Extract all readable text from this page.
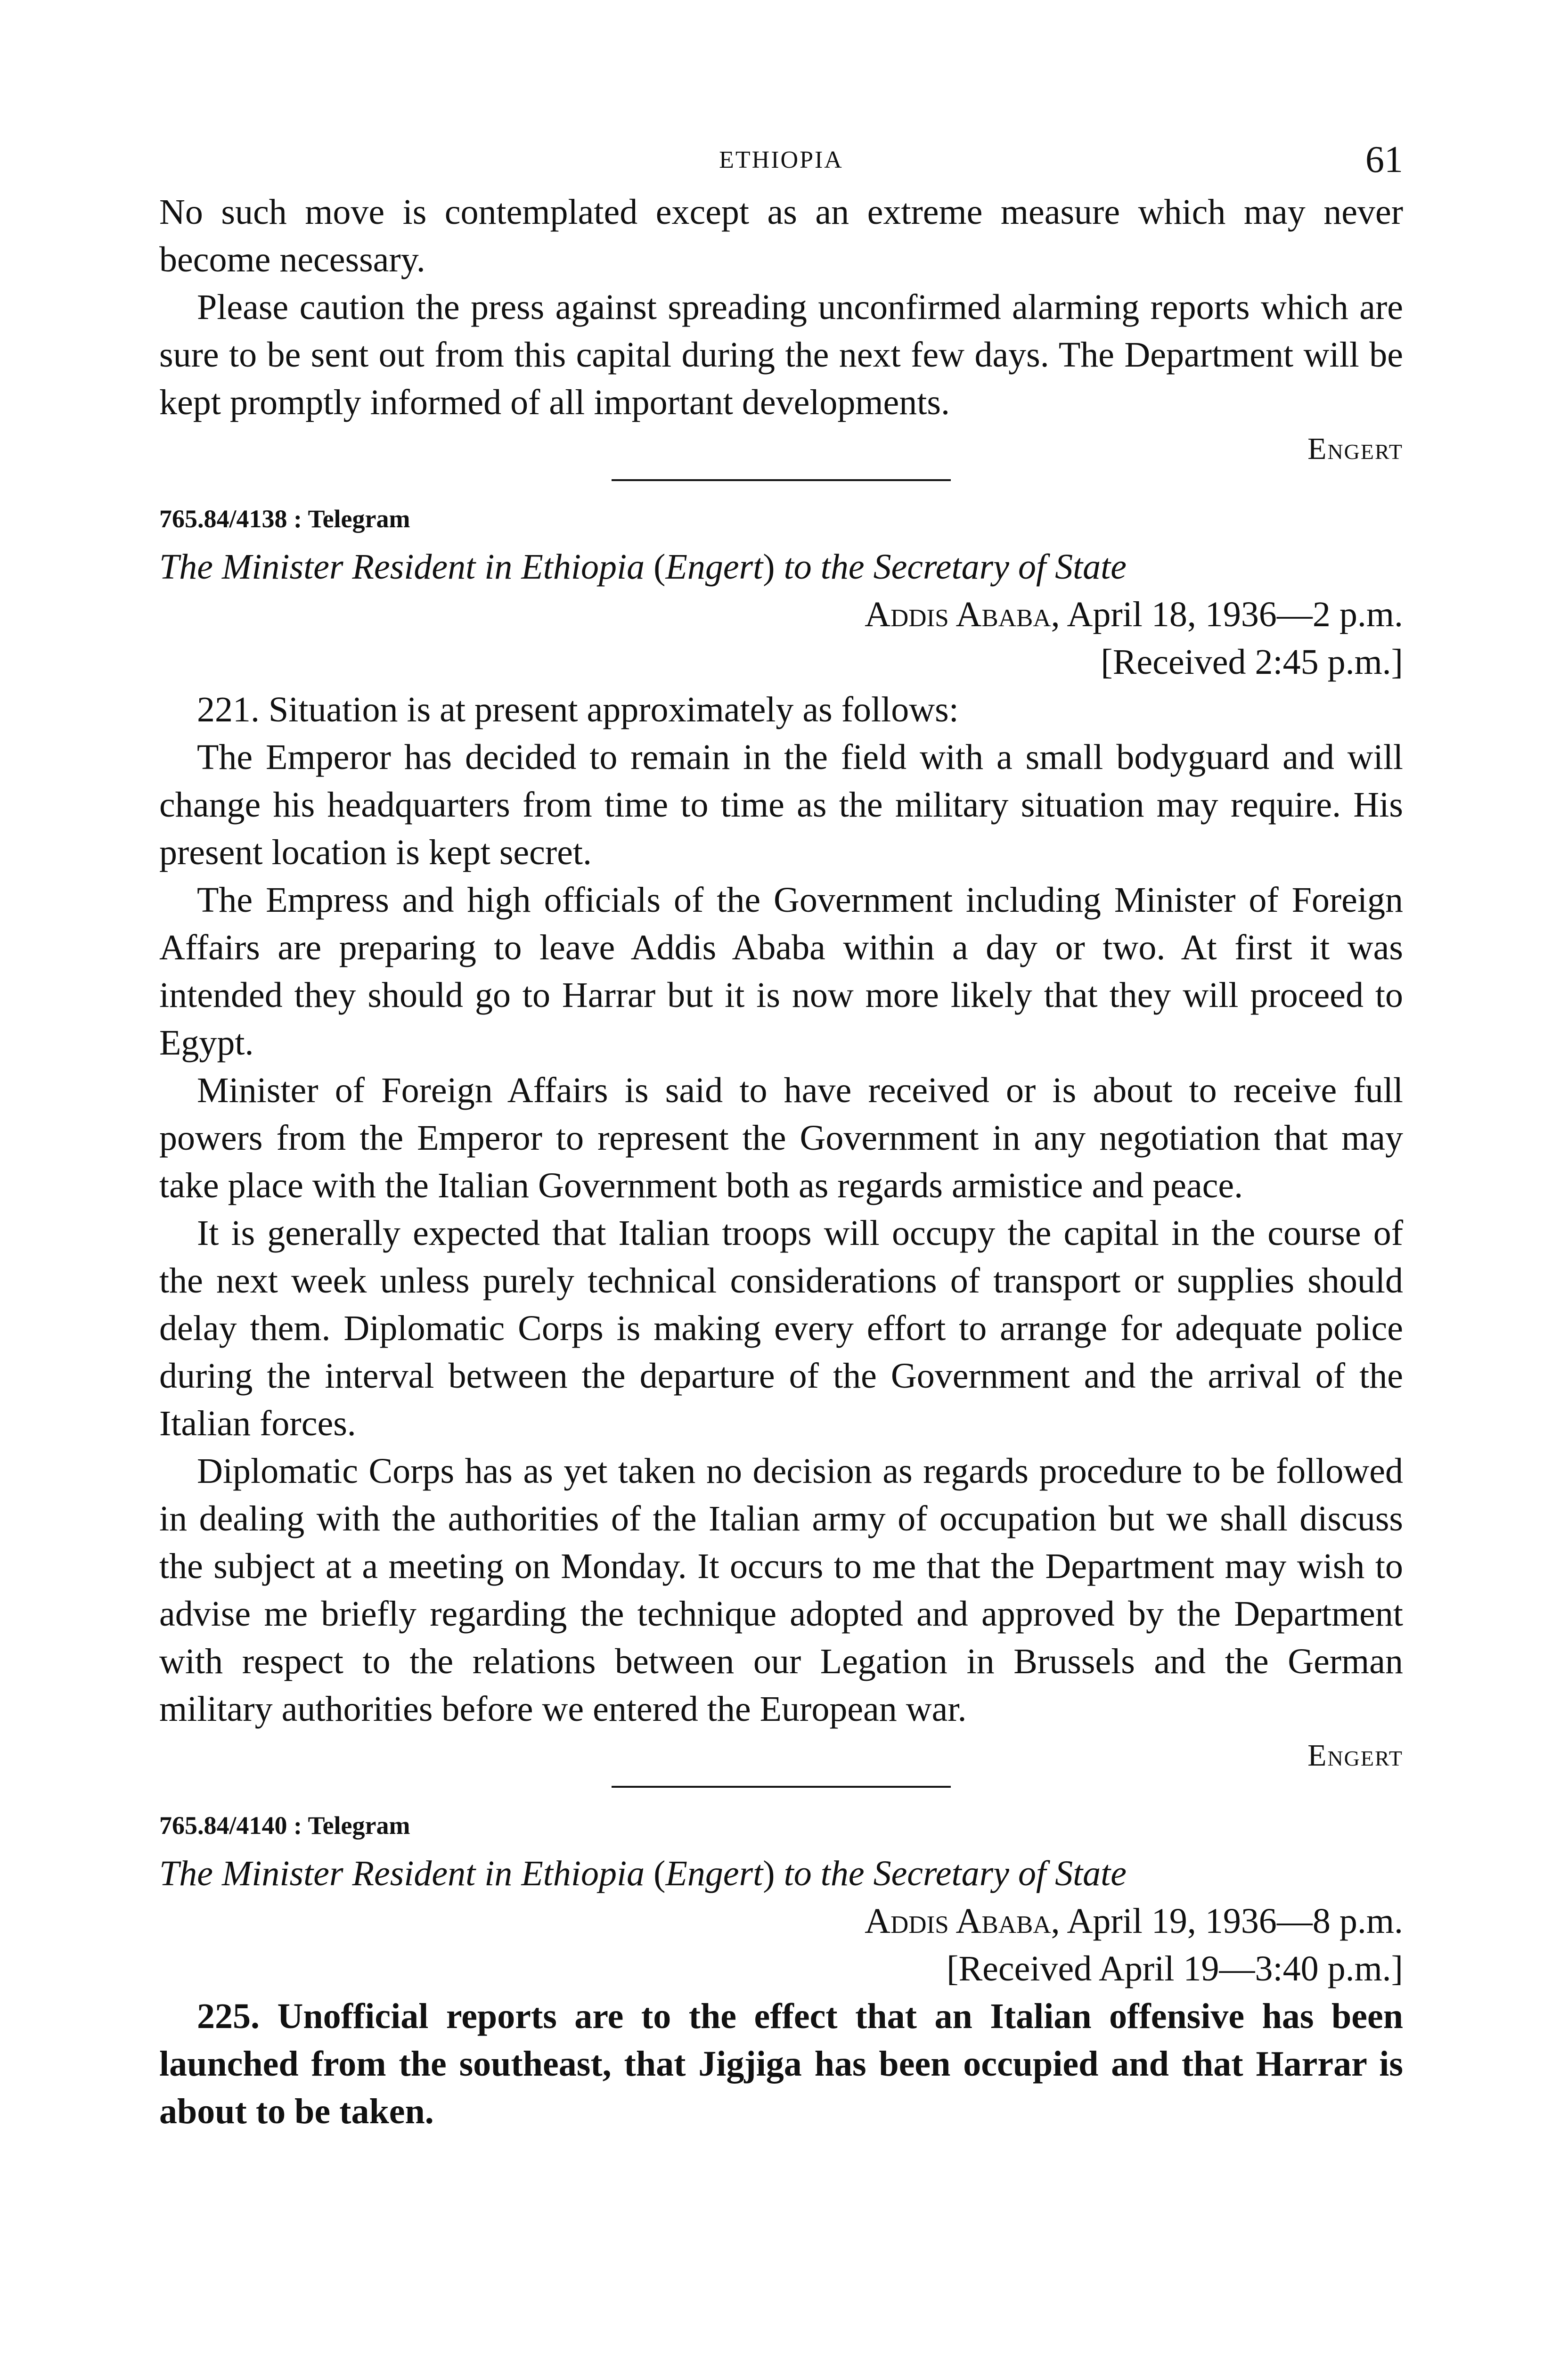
ETHIOPIA	61

No such move is contemplated except as an extreme measure which may never become necessary.

Please caution the press against spreading unconfirmed alarming reports which are sure to be sent out from this capital during the next few days. The Department will be kept promptly informed of all important developments.

Engert
765.84/4138 : Telegram
The Minister Resident in Ethiopia (Engert) to the Secretary of State
Addis Ababa, April 18, 1936—2 p.m.
[Received 2:45 p.m.]

221. Situation is at present approximately as follows:

The Emperor has decided to remain in the field with a small bodyguard and will change his headquarters from time to time as the military situation may require. His present location is kept secret.

The Empress and high officials of the Government including Minister of Foreign Affairs are preparing to leave Addis Ababa within a day or two. At first it was intended they should go to Harrar but it is now more likely that they will proceed to Egypt.

Minister of Foreign Affairs is said to have received or is about to receive full powers from the Emperor to represent the Government in any negotiation that may take place with the Italian Government both as regards armistice and peace.

It is generally expected that Italian troops will occupy the capital in the course of the next week unless purely technical considerations of transport or supplies should delay them. Diplomatic Corps is making every effort to arrange for adequate police during the interval between the departure of the Government and the arrival of the Italian forces.

Diplomatic Corps has as yet taken no decision as regards procedure to be followed in dealing with the authorities of the Italian army of occupation but we shall discuss the subject at a meeting on Monday. It occurs to me that the Department may wish to advise me briefly regarding the technique adopted and approved by the Department with respect to the relations between our Legation in Brussels and the German military authorities before we entered the European war.

Engert
765.84/4140 : Telegram
The Minister Resident in Ethiopia (Engert) to the Secretary of State
Addis Ababa, April 19, 1936—8 p.m.
[Received April 19—3:40 p.m.]

225. Unofficial reports are to the effect that an Italian offensive has been launched from the southeast, that Jigjiga has been occupied and that Harrar is about to be taken.
